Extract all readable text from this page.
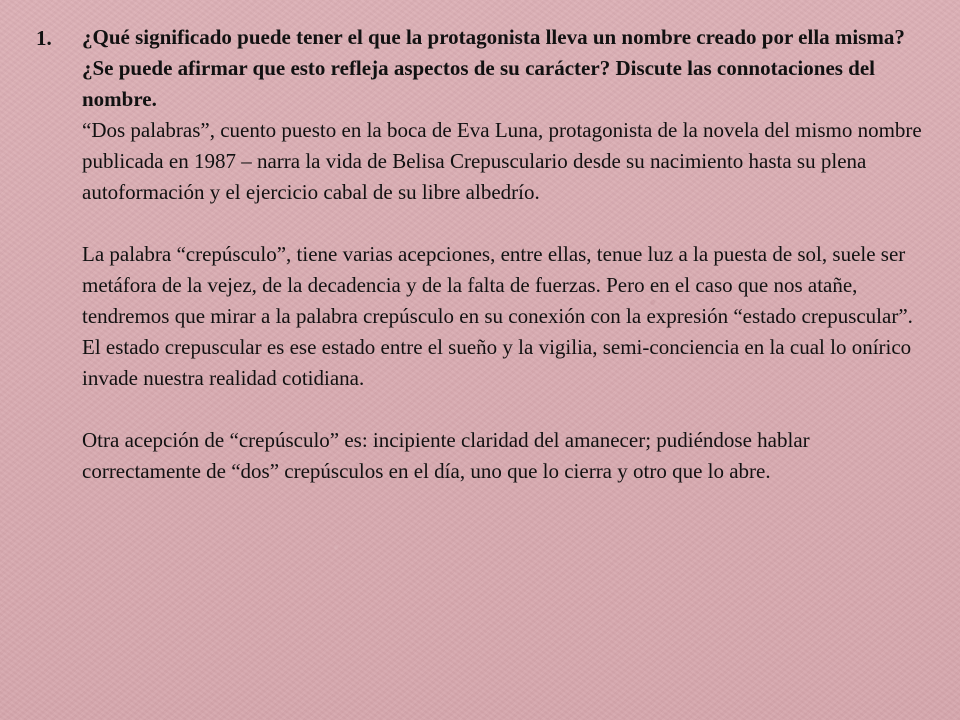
1.	¿Qué significado puede tener el que la protagonista lleva un nombre creado por ella misma? ¿Se puede afirmar que esto refleja aspectos de su carácter? Discute las connotaciones del nombre.

“Dos palabras”, cuento puesto en la boca de Eva Luna, protagonista de la novela del mismo nombre publicada en 1987 – narra la vida de Belisa Crepusculario desde su nacimiento hasta su plena autoformación y el ejercicio cabal de su libre albedrío.

La palabra “crepúsculo”, tiene varias acepciones, entre ellas, tenue luz a la puesta de sol, suele ser metáfora de la vejez, de la decadencia y de la falta de fuerzas. Pero en el caso que nos atañe, tendremos que mirar a la palabra crepúsculo en su conexión con la expresión “estado crepuscular”. El estado crepuscular es ese estado entre el sueño y la vigilia, semi-conciencia en la cual lo onírico invade nuestra realidad cotidiana.

Otra acepción de “crepúsculo” es: incipiente claridad del amanecer; pudiéndose hablar correctamente de “dos” crepúsculos en el día, uno que lo cierra y otro que lo abre.
